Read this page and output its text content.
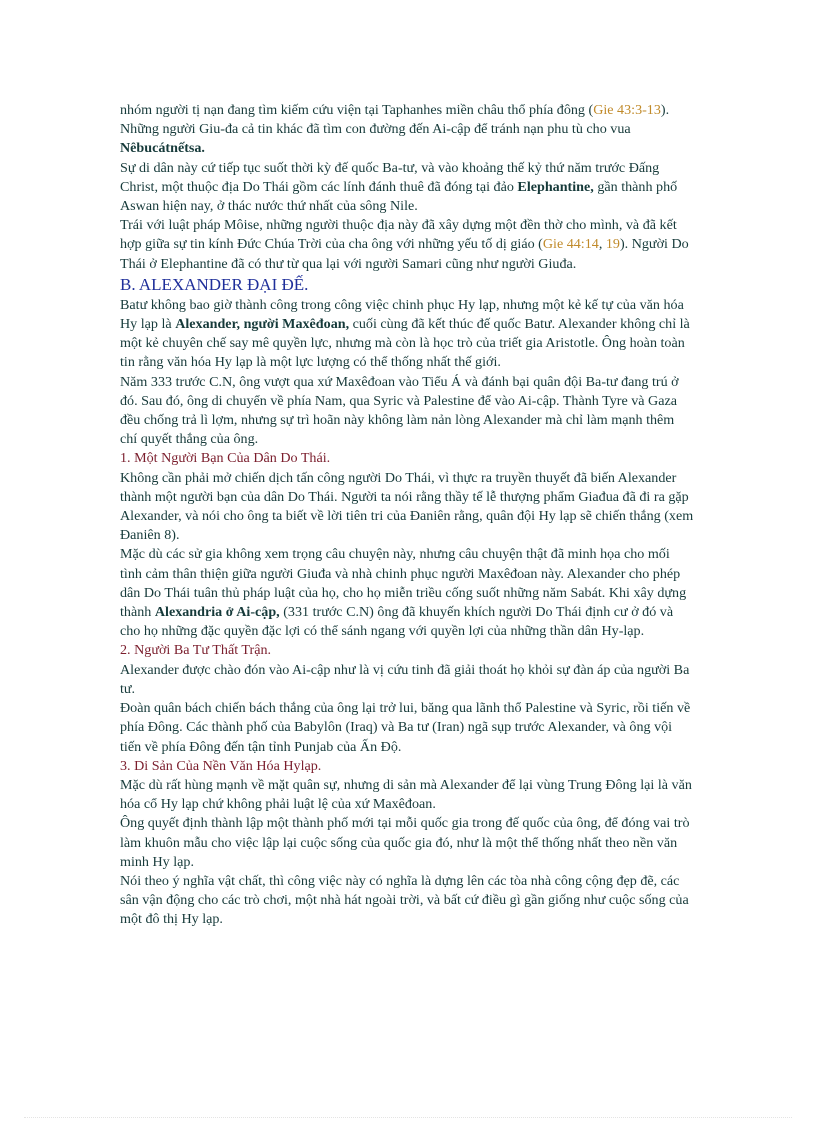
nhóm người tị nạn đang tìm kiếm cứu viện tại Taphanhes miền châu thổ phía đông (Gie 43:3-13). Những người Giu-đa cả tin khác đã tìm con đường đến Ai-cập để tránh nạn phu tù cho vua Nêbucátnếtsa.

Sự di dân này cứ tiếp tục suốt thời kỳ đế quốc Ba-tư, và vào khoảng thế kỷ thứ năm trước Đấng Christ, một thuộc địa Do Thái gồm các lính đánh thuê đã đóng tại đảo Elephantine, gần thành phố Aswan hiện nay, ở thác nước thứ nhất của sông Nile.

Trái với luật pháp Môise, những người thuộc địa này đã xây dựng một đền thờ cho mình, và đã kết hợp giữa sự tin kính Đức Chúa Trời của cha ông với những yếu tố dị giáo (Gie 44:14, 19). Người Do Thái ở Elephantine đã có thư từ qua lại với người Samari cũng như người Giuđa.

B. ALEXANDER ĐẠI ĐẾ.

Batư không bao giờ thành công trong công việc chinh phục Hy lạp, nhưng một kẻ kế tự của văn hóa Hy lạp là Alexander, người Maxêđoan, cuối cùng đã kết thúc đế quốc Batư. Alexander không chỉ là một kẻ chuyên chế say mê quyền lực, nhưng mà còn là học trò của triết gia Aristotle. Ông hoàn toàn tin rằng văn hóa Hy lạp là một lực lượng có thể thống nhất thế giới.

Năm 333 trước C.N, ông vượt qua xứ Maxêđoan vào Tiểu Á và đánh bại quân đội Ba-tư đang trú ở đó. Sau đó, ông di chuyển về phía Nam, qua Syric và Palestine để vào Ai-cập. Thành Tyre và Gaza đều chống trả lì lợm, nhưng sự trì hoãn này không làm nản lòng Alexander mà chỉ làm mạnh thêm chí quyết thắng của ông.

1. Một Người Bạn Của Dân Do Thái.

Không cần phải mở chiến dịch tấn công người Do Thái, vì thực ra truyền thuyết đã biến Alexander thành một người bạn của dân Do Thái. Người ta nói rằng thầy tế lễ thượng phẩm Giađua đã đi ra gặp Alexander, và nói cho ông ta biết về lời tiên tri của Đaniên rằng, quân đội Hy lạp sẽ chiến thắng (xem Đaniên 8).

Mặc dù các sử gia không xem trọng câu chuyện này, nhưng câu chuyện thật đã minh họa cho mối tình cảm thân thiện giữa người Giuđa và nhà chinh phục người Maxêđoan này. Alexander cho phép dân Do Thái tuân thủ pháp luật của họ, cho họ miễn triều cống suốt những năm Sabát. Khi xây dựng thành Alexandria ở Ai-cập, (331 trước C.N) ông đã khuyến khích người Do Thái định cư ở đó và cho họ những đặc quyền đặc lợi có thể sánh ngang với quyền lợi của những thần dân Hy-lạp.

2. Người Ba Tư Thất Trận.

Alexander được chào đón vào Ai-cập như là vị cứu tinh đã giải thoát họ khỏi sự đàn áp của người Ba tư.

Đoàn quân bách chiến bách thắng của ông lại trở lui, băng qua lãnh thổ Palestine và Syric, rồi tiến về phía Đông. Các thành phố của Babylôn (Iraq) và Ba tư (Iran) ngã sụp trước Alexander, và ông vội tiến về phía Đông đến tận tỉnh Punjab của Ấn Độ.

3. Di Sản Của Nền Văn Hóa Hylạp.

Mặc dù rất hùng mạnh về mặt quân sự, nhưng di sản mà Alexander để lại vùng Trung Đông lại là văn hóa cổ Hy lạp chứ không phải luật lệ của xứ Maxêđoan.

Ông quyết định thành lập một thành phố mới tại mỗi quốc gia trong đế quốc của ông, để đóng vai trò làm khuôn mẫu cho việc lập lại cuộc sống của quốc gia đó, như là một thể thống nhất theo nền văn minh Hy lạp.

Nói theo ý nghĩa vật chất, thì công việc này có nghĩa là dựng lên các tòa nhà công cộng đẹp đẽ, các sân vận động cho các trò chơi, một nhà hát ngoài trời, và bất cứ điều gì gần giống như cuộc sống của một đô thị Hy lạp.
